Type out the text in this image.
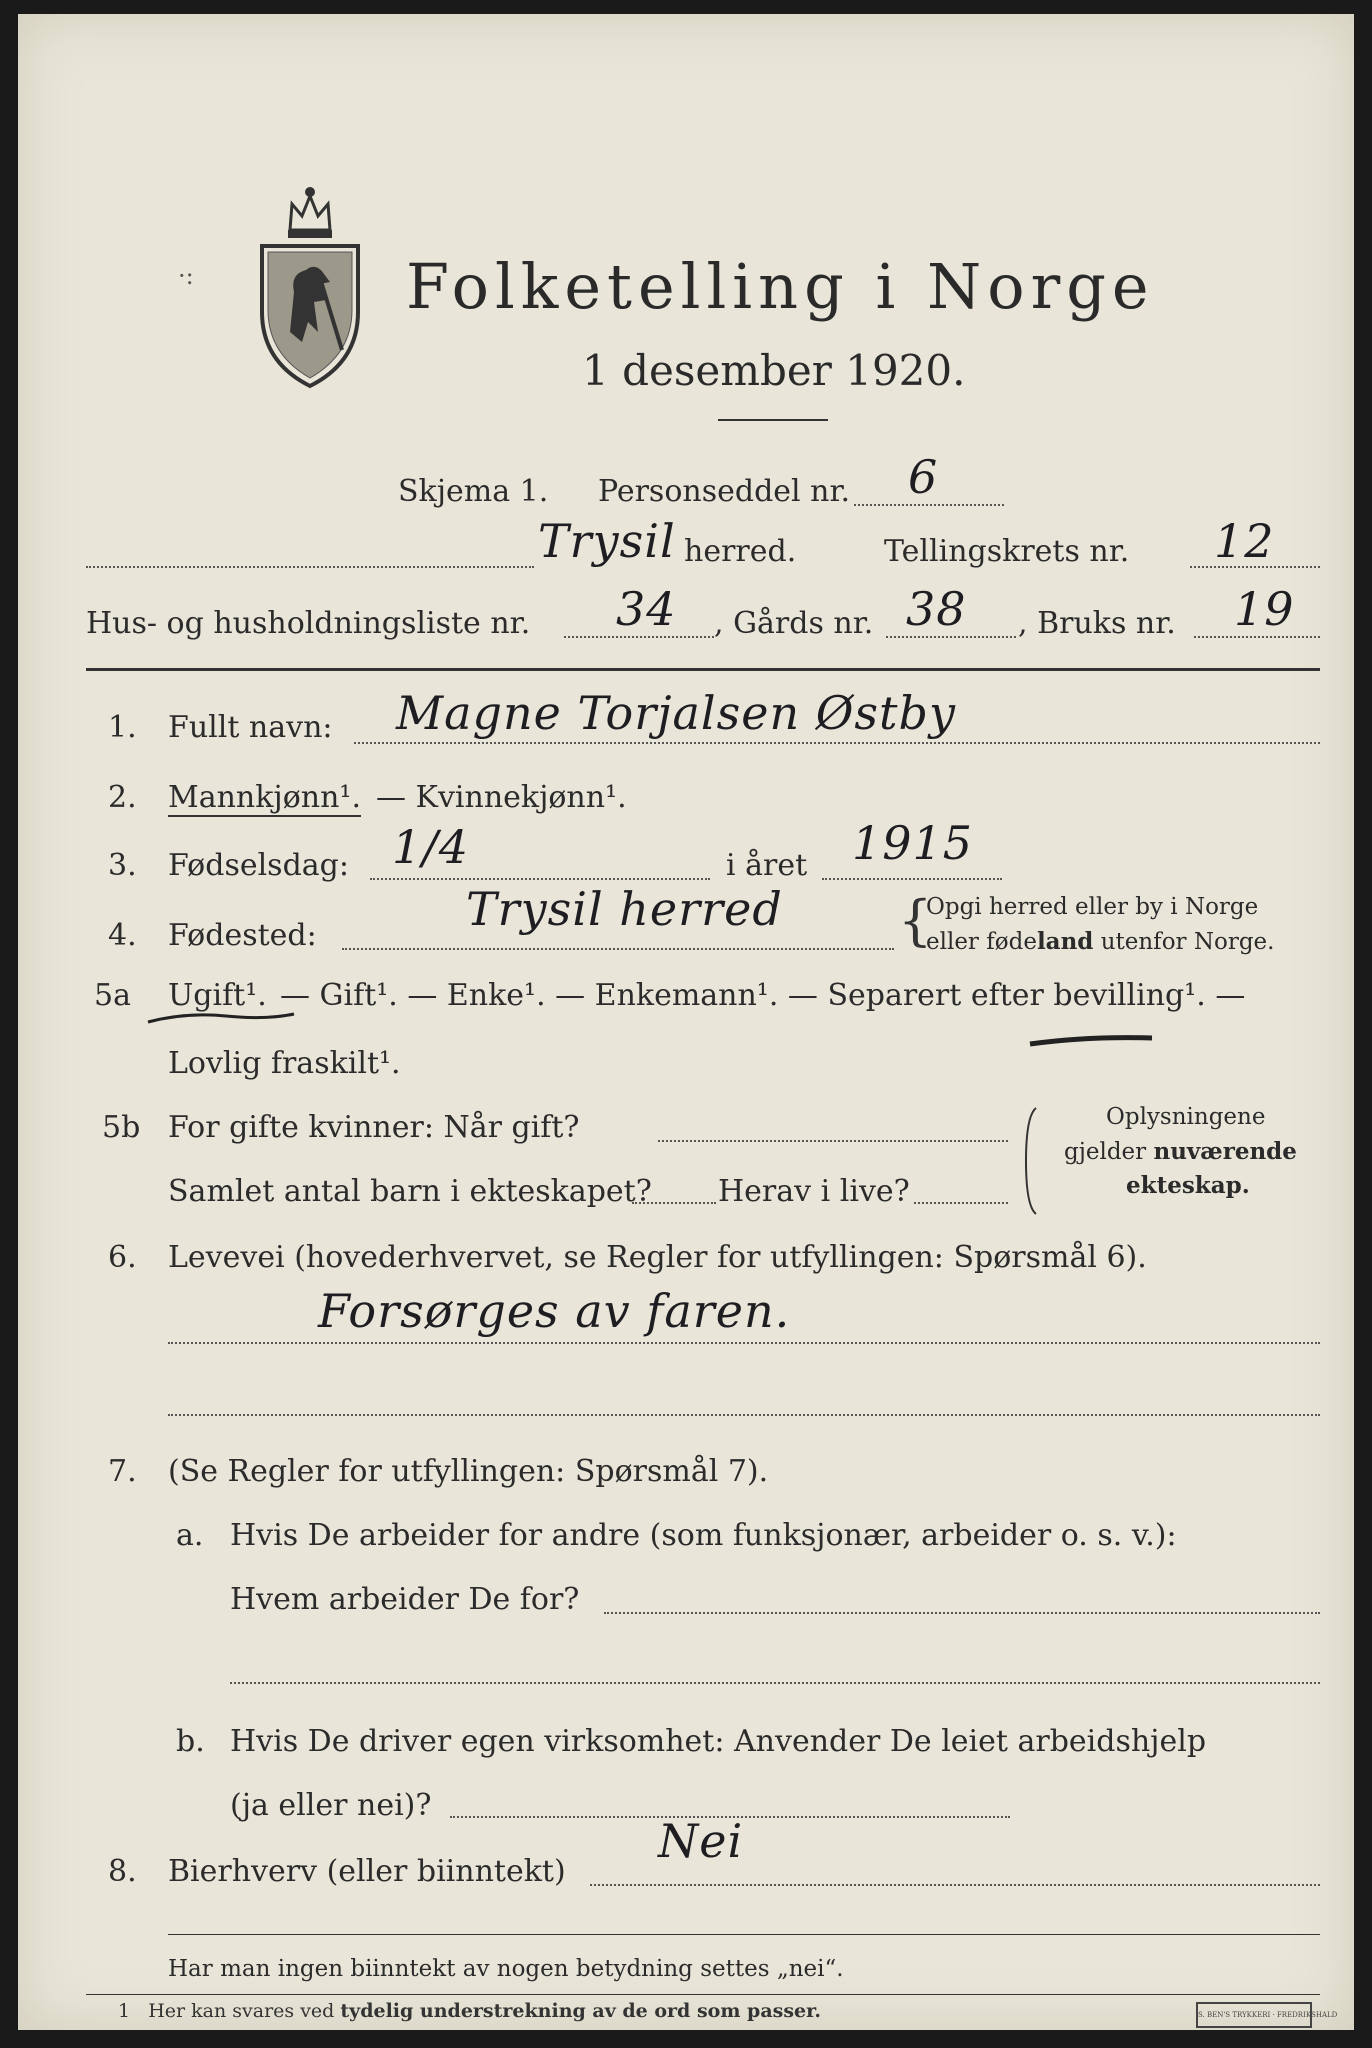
·:	Folketelling i Norge
1 desember 1920.
Skjema 1. Personseddel nr. 6
Trysil herred.	Tellingskrets nr. 12
Hus- og husholdningsliste nr. 34 , Gårds nr. 38 , Bruks nr. 19
1. Fullt navn: Magne Torjalsen Østby
2. Mannkjønn¹. — Kvinnekjønn¹.
3. Fødselsdag: 1/4	i året 1915
4. Fødested:	Trysil herred {
Opgi herred eller by i Norge
eller fødeland utenfor Norge.
5a Ugift¹. — Gift¹. — Enke¹. — Enkemann¹. — Separert efter bevilling¹. —
Lovlig fraskilt¹.
5b For gifte kvinner: Når gift?
Samlet antal barn i ekteskapet? Herav i live?
Oplysningene
gjelder nuværende
ekteskap.
6. Levevei (hovederhvervet, se Regler for utfyllingen: Spørsmål 6).
Forsørges av faren.
7. (Se Regler for utfyllingen: Spørsmål 7).
a. Hvis De arbeider for andre (som funksjonær, arbeider o. s. v.):
Hvem arbeider De for?
b. Hvis De driver egen virksomhet: Anvender De leiet arbeidshjelp
(ja eller nei)?
8. Bierhverv (eller biinntekt)
Nei
Har man ingen biinntekt av nogen betydning settes „nei“.
1 Her kan svares ved tydelig understrekning av de ord som passer.	S. BEN'S TRYKKERI · FREDRIKSHALD
